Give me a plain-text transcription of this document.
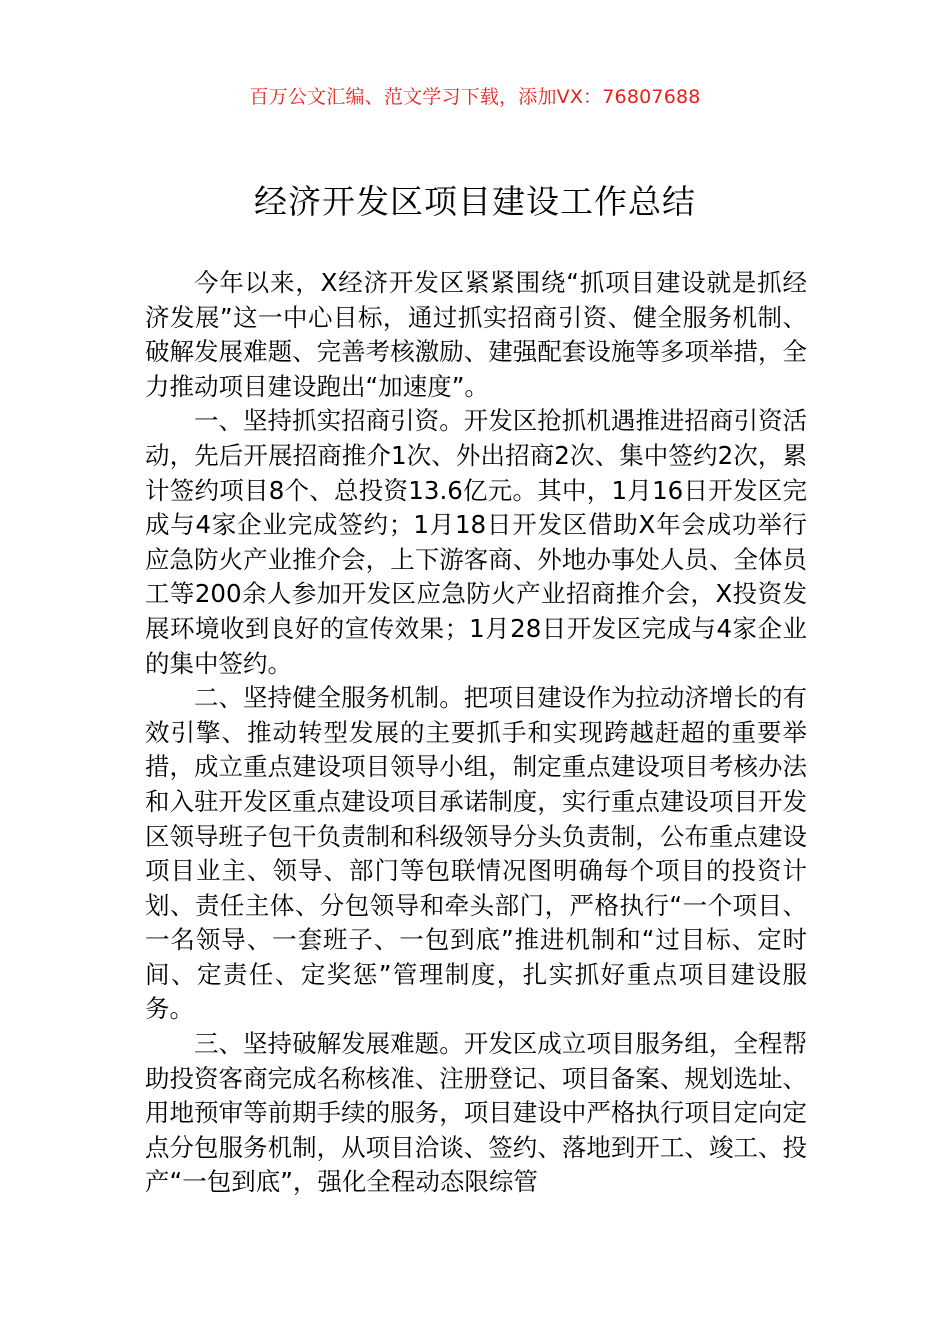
百万公文汇编、范文学习下载，添加VX：76807688
经济开发区项目建设工作总结

今年以来，X经济开发区紧紧围绕“抓项目建设就是抓经济发展”这一中心目标，通过抓实招商引资、健全服务机制、破解发展难题、完善考核激励、建强配套设施等多项举措，全力推动项目建设跑出“加速度”。

一、坚持抓实招商引资。开发区抢抓机遇推进招商引资活动，先后开展招商推介1次、外出招商2次、集中签约2次，累计签约项目8个、总投资13.6亿元。其中，1月16日开发区完成与4家企业完成签约；1月18日开发区借助X年会成功举行应急防火产业推介会，上下游客商、外地办事处人员、全体员工等200余人参加开发区应急防火产业招商推介会，X投资发展环境收到良好的宣传效果；1月28日开发区完成与4家企业的集中签约。

二、坚持健全服务机制。把项目建设作为拉动济增长的有效引擎、推动转型发展的主要抓手和实现跨越赶超的重要举措，成立重点建设项目领导小组，制定重点建设项目考核办法和入驻开发区重点建设项目承诺制度，实行重点建设项目开发区领导班子包干负责制和科级领导分头负责制，公布重点建设项目业主、领导、部门等包联情况图明确每个项目的投资计划、责任主体、分包领导和牵头部门，严格执行“一个项目、一名领导、一套班子、一包到底”推进机制和“过目标、定时间、定责任、定奖惩”管理制度，扎实抓好重点项目建设服务。

三、坚持破解发展难题。开发区成立项目服务组，全程帮助投资客商完成名称核准、注册登记、项目备案、规划选址、用地预审等前期手续的服务，项目建设中严格执行项目定向定点分包服务机制，从项目洽谈、签约、落地到开工、竣工、投产“一包到底”，强化全程动态限综管
